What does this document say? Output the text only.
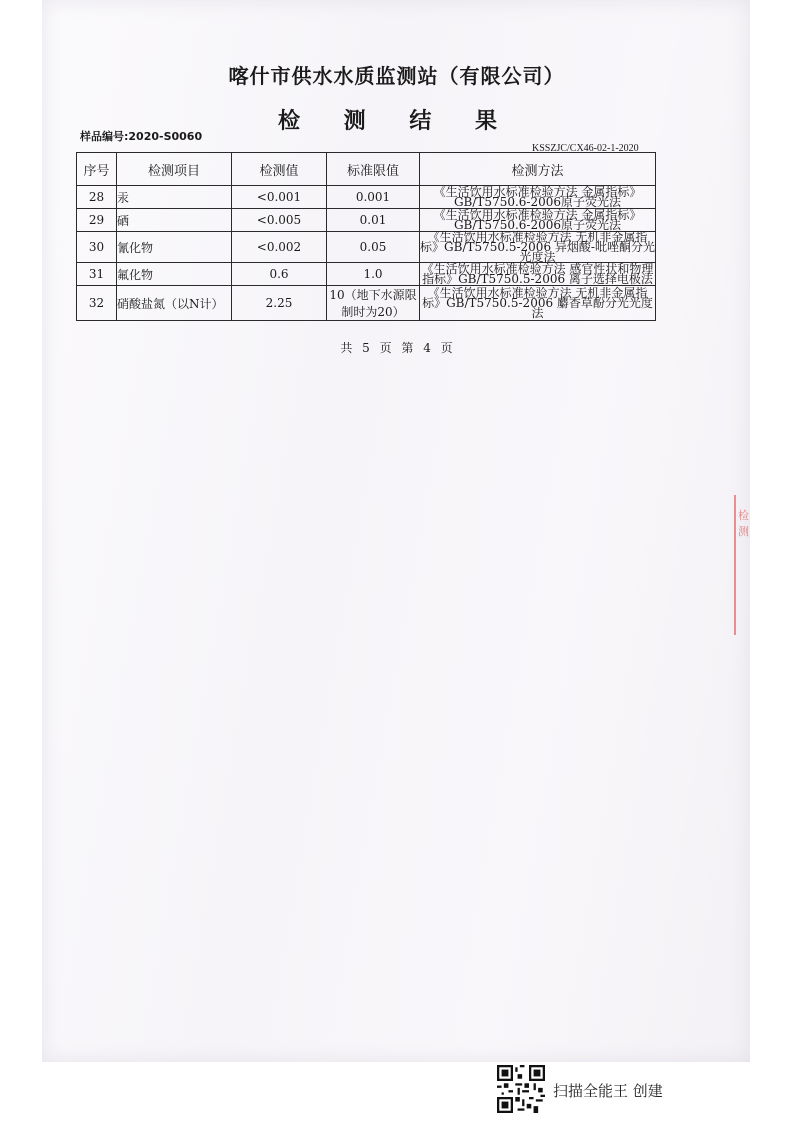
喀什市供水水质监测站（有限公司）
检 测 结 果
样品编号:2020-S0060
KSSZJC/CX46-02-1-2020
序号	检测项目	检测值	标准限值	检测方法
28	汞	<0.001	0.001	《生活饮用水标准检验方法 金属指标》GB/T5750.6-2006原子荧光法
29	硒	<0.005	0.01	《生活饮用水标准检验方法 金属指标》GB/T5750.6-2006原子荧光法
30	氰化物	<0.002	0.05	《生活饮用水标准检验方法 无机非金属指标》GB/T5750.5-2006 异烟酸-吡唑酮分光光度法
31	氟化物	0.6	1.0	《生活饮用水标准检验方法 感官性状和物理指标》GB/T5750.5-2006 离子选择电极法
32	硝酸盐氮（以N计）	2.25	10（地下水源限制时为20）	《生活饮用水标准检验方法 无机非金属指标》GB/T5750.5-2006 麝香草酚分光光度法
共 5 页 第 4 页
检测
扫描全能王 创建
